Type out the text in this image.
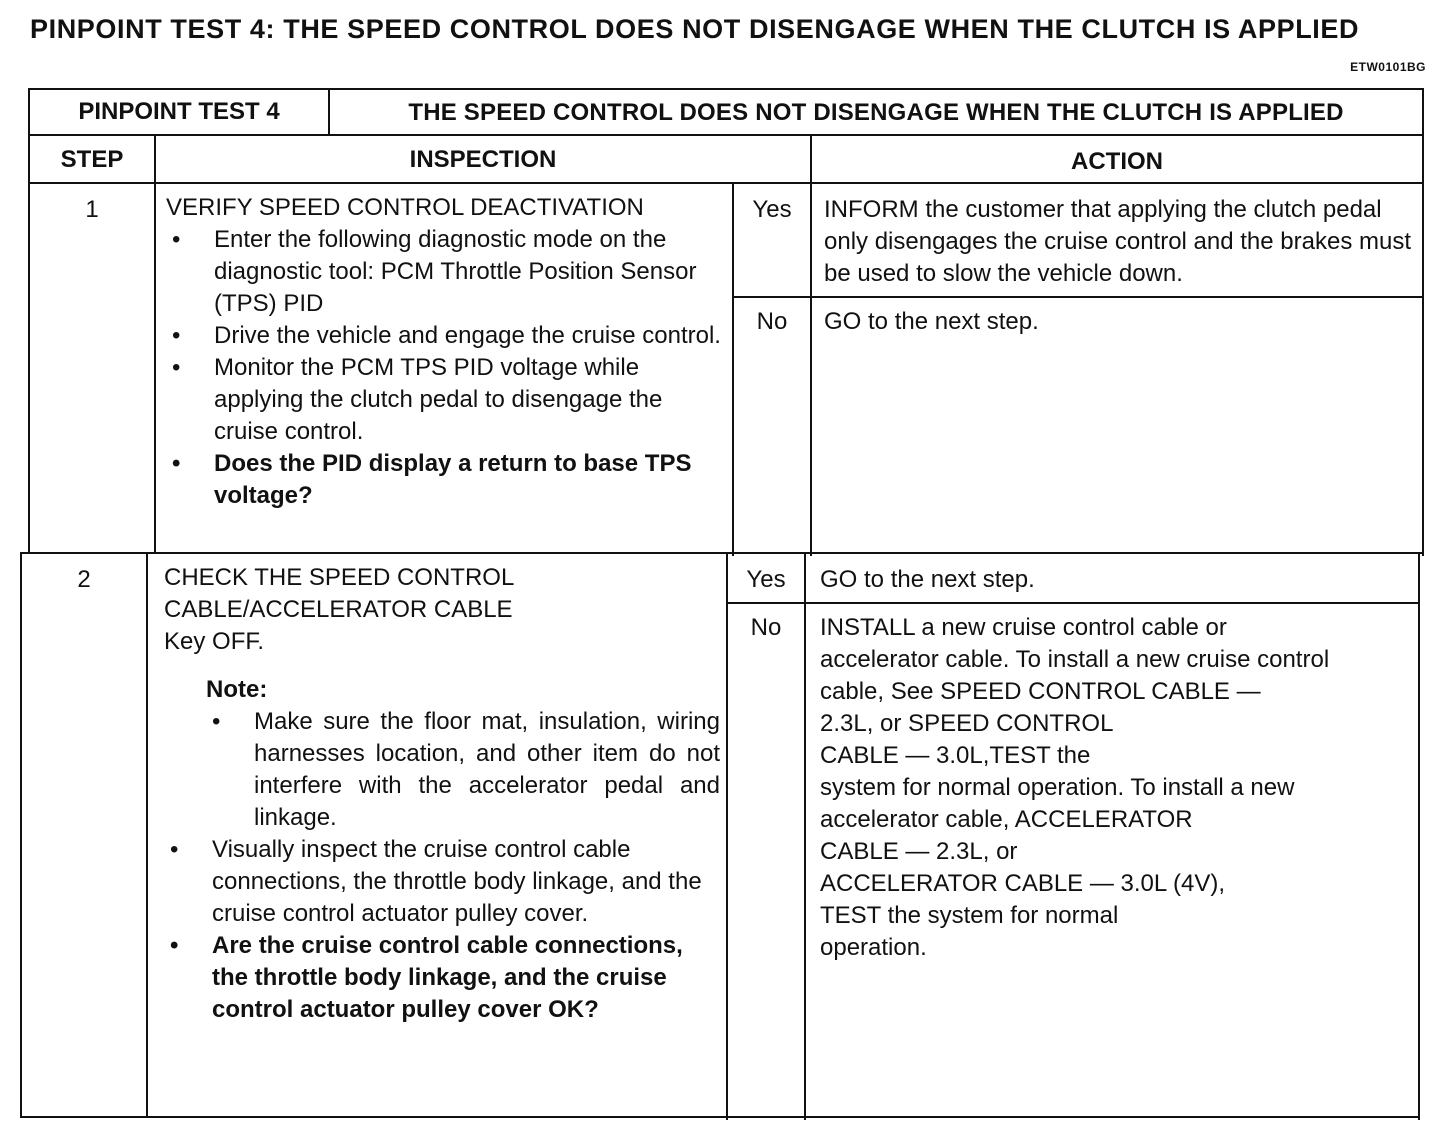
PINPOINT TEST 4: THE SPEED CONTROL DOES NOT DISENGAGE WHEN THE CLUTCH IS APPLIED
ETW0101BG
PINPOINT TEST 4	THE SPEED CONTROL DOES NOT DISENGAGE WHEN THE CLUTCH IS APPLIED
STEP	INSPECTION	ACTION
1	VERIFY SPEED CONTROL DEACTIVATION
• Enter the following diagnostic mode on the diagnostic tool: PCM Throttle Position Sensor (TPS) PID
• Drive the vehicle and engage the cruise control.
• Monitor the PCM TPS PID voltage while applying the clutch pedal to disengage the cruise control.
• Does the PID display a return to base TPS voltage?
Yes	INFORM the customer that applying the clutch pedal only disengages the cruise control and the brakes must be used to slow the vehicle down.
No	GO to the next step.
2	CHECK THE SPEED CONTROL CABLE/ACCELERATOR CABLE
Key OFF.
Note:
• Make sure the floor mat, insulation, wiring harnesses location, and other item do not interfere with the accelerator pedal and linkage.
• Visually inspect the cruise control cable connections, the throttle body linkage, and the cruise control actuator pulley cover.
• Are the cruise control cable connections, the throttle body linkage, and the cruise control actuator pulley cover OK?
Yes	GO to the next step.
No	INSTALL a new cruise control cable or
accelerator cable. To install a new cruise control
cable, See SPEED CONTROL CABLE —
2.3L, or SPEED CONTROL
CABLE — 3.0L,TEST the
system for normal operation. To install a new
accelerator cable, ACCELERATOR
CABLE — 2.3L, or
ACCELERATOR CABLE — 3.0L (4V),
TEST the system for normal
operation.
